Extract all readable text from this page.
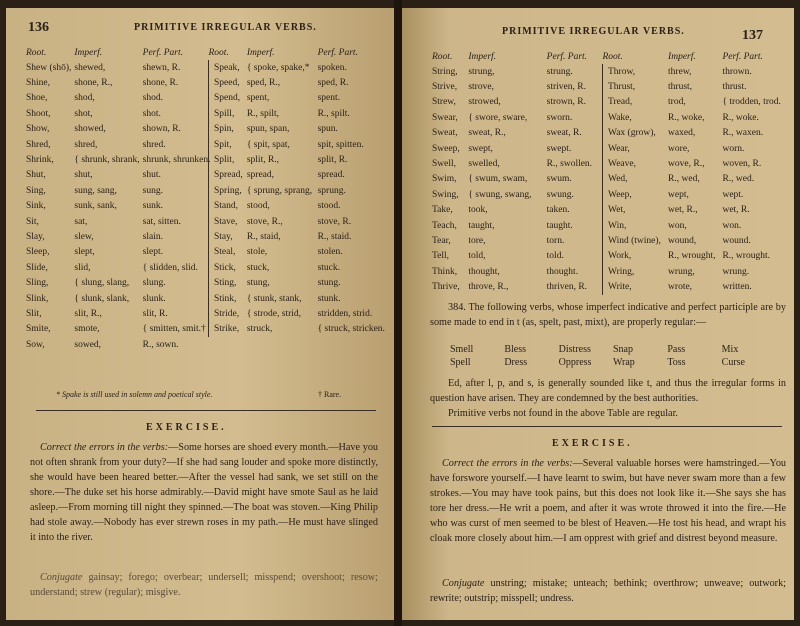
136	PRIMITIVE IRREGULAR VERBS.
Root.	Imperf.	Perf. Part.
Shew (shō),	shewed,	shewn, R.
Shine,	shone, R.,	shone, R.
Shoe,	shod,	shod.
Shoot,	shot,	shot.
Show,	showed,	shown, R.
Shred,	shred,	shred.
Shrink,	{ shrunk, shrank,	shrunk, shrunken.
Shut,	shut,	shut.
Sing,	sung, sang,	sung.
Sink,	sunk, sank,	sunk.
Sit,	sat,	sat, sitten.
Slay,	slew,	slain.
Sleep,	slept,	slept.
Slide,	slid,	{ slidden, slid.
Sling,	{ slung, slang,	slung.
Slink,	{ slunk, slank,	slunk.
Slit,	slit, R.,	slit, R.
Smite,	smote,	{ smitten, smit.†
Sow,	sowed,	R., sown.
Root.	Imperf.	Perf. Part.
Speak,	{ spoke, spake,*	spoken.
Speed,	sped, R.,	sped, R.
Spend,	spent,	spent.
Spill,	R., spilt,	R., spilt.
Spin,	spun, span,	spun.
Spit,	{ spit, spat,	spit, spitten.
Split,	split, R.,	split, R.
Spread,	spread,	spread.
Spring,	{ sprung, sprang,	sprung.
Stand,	stood,	stood.
Stave,	stove, R.,	stove, R.
Stay,	R., staid,	R., staid.
Steal,	stole,	stolen.
Stick,	stuck,	stuck.
Sting,	stung,	stung.
Stink,	{ stunk, stank,	stunk.
Stride,	{ strode, strid,	stridden, strid.
Strike,	struck,	{ struck, stricken.
* Spake is still used in solemn and poetical style.	† Rare.
EXERCISE.
Correct the errors in the verbs:—Some horses are shoed every month.—Have you not often shrank from your duty?—If she had sang louder and spoke more distinctly, she would have been heared better.—After the vessel had sank, we set still on the shore.—The duke set his horse admirably.—David might have smote Saul as he laid asleep.—From morning till night they spinned.—The boat was stoven.—King Philip had stole away.—Nobody has ever strewn roses in my path.—He must have slinged it into the river.
Conjugate gainsay; forego; overbear; undersell; misspend; overshoot; resow; understand; strew (regular); misgive.
PRIMITIVE IRREGULAR VERBS.	137
Root.	Imperf.	Perf. Part.
String,	strung,	strung.
Strive,	strove,	striven, R.
Strew,	strowed,	strown, R.
Swear,	{ swore, sware,	sworn.
Sweat,	sweat, R.,	sweat, R.
Sweep,	swept,	swept.
Swell,	swelled,	R., swollen.
Swim,	{ swum, swam,	swum.
Swing,	{ swung, swang,	swung.
Take,	took,	taken.
Teach,	taught,	taught.
Tear,	tore,	torn.
Tell,	told,	told.
Think,	thought,	thought.
Thrive,	throve, R.,	thriven, R.
Root.	Imperf.	Perf. Part.
Throw,	threw,	thrown.
Thrust,	thrust,	thrust.
Tread,	trod,	{ trodden, trod.
Wake,	R., woke,	R., woke.
Wax (grow),	waxed,	R., waxen.
Wear,	wore,	worn.
Weave,	wove, R.,	woven, R.
Wed,	R., wed,	R., wed.
Weep,	wept,	wept.
Wet,	wet, R.,	wet, R.
Win,	won,	won.
Wind (twine),	wound,	wound.
Work,	R., wrought,	R., wrought.
Wring,	wrung,	wrung.
Write,	wrote,	written.
384. The following verbs, whose imperfect indicative and perfect participle are by some made to end in t (as, spelt, past, mixt), are properly regular:—
Smell	Bless	Distress	Snap	Pass	Mix
Spell	Dress	Oppress	Wrap	Toss	Curse
Ed, after l, p, and s, is generally sounded like t, and thus the irregular forms in question have arisen. They are condemned by the best authorities.
Primitive verbs not found in the above Table are regular.
EXERCISE.
Correct the errors in the verbs:—Several valuable horses were hamstringed.—You have forswore yourself.—I have learnt to swim, but have never swam more than a few strokes.—You may have took pains, but this does not look like it.—She says she has tore her dress.—He writ a poem, and after it was wrote throwed it into the fire.—He who was curst of men seemed to be blest of Heaven.—He tost his head, and wrapt his cloak more closely about him.—I am opprest with grief and distrest beyond measure.
Conjugate unstring; mistake; unteach; bethink; overthrow; unweave; outwork; rewrite; outstrip; misspell; undress.
